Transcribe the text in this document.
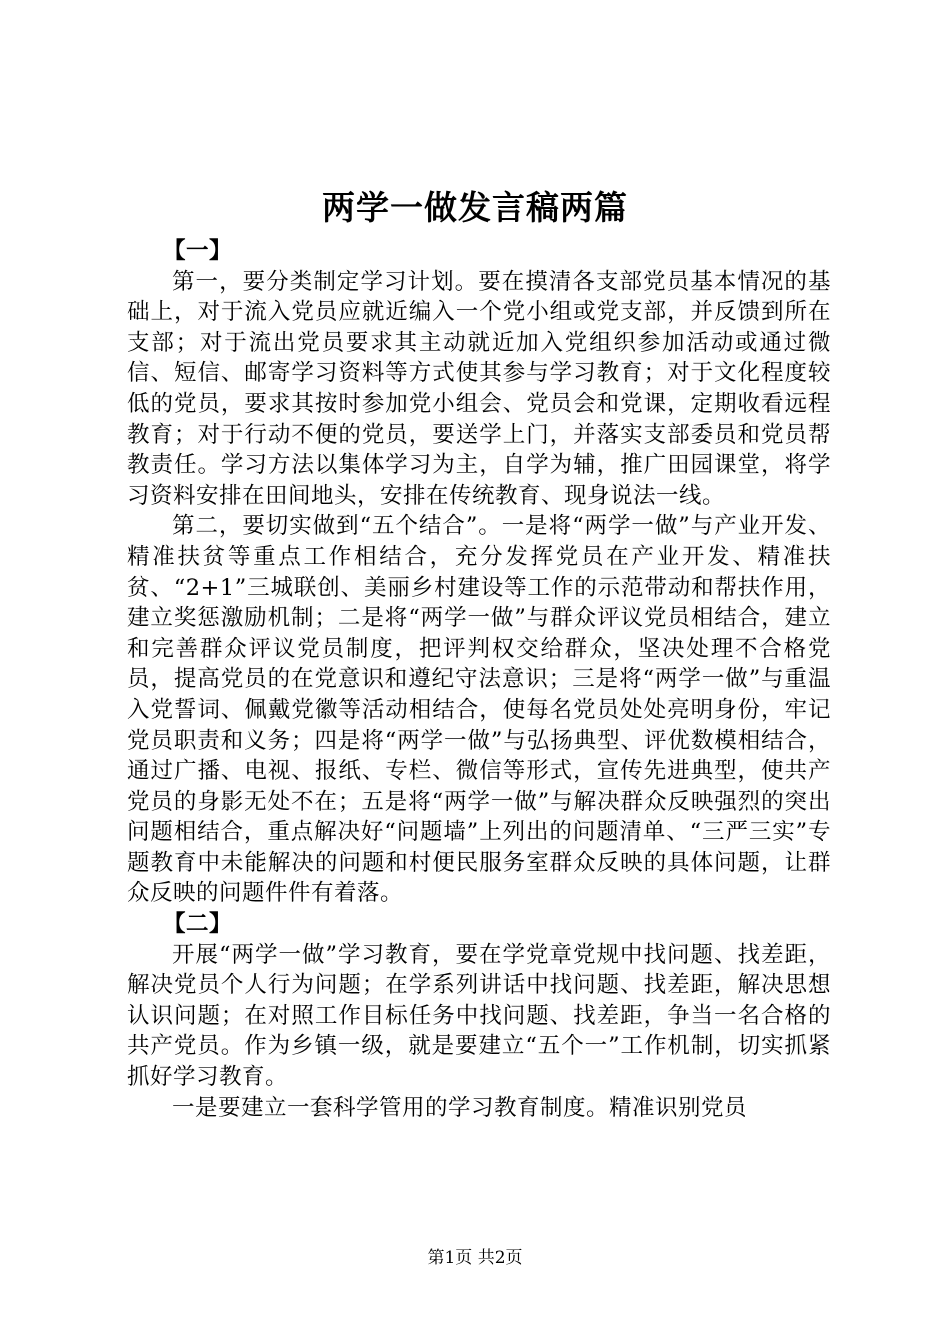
两学一做发言稿两篇

【一】

第一，要分类制定学习计划。要在摸清各支部党员基本情况的基础上，对于流入党员应就近编入一个党小组或党支部，并反馈到所在支部；对于流出党员要求其主动就近加入党组织参加活动或通过微信、短信、邮寄学习资料等方式使其参与学习教育；对于文化程度较低的党员，要求其按时参加党小组会、党员会和党课，定期收看远程教育；对于行动不便的党员，要送学上门，并落实支部委员和党员帮教责任。学习方法以集体学习为主，自学为辅，推广田园课堂，将学习资料安排在田间地头，安排在传统教育、现身说法一线。

第二，要切实做到“五个结合”。一是将“两学一做”与产业开发、精准扶贫等重点工作相结合，充分发挥党员在产业开发、精准扶贫、“2+1”三城联创、美丽乡村建设等工作的示范带动和帮扶作用，建立奖惩激励机制；二是将“两学一做”与群众评议党员相结合，建立和完善群众评议党员制度，把评判权交给群众，坚决处理不合格党员，提高党员的在党意识和遵纪守法意识；三是将“两学一做”与重温入党誓词、佩戴党徽等活动相结合，使每名党员处处亮明身份，牢记党员职责和义务；四是将“两学一做”与弘扬典型、评优数模相结合，通过广播、电视、报纸、专栏、微信等形式，宣传先进典型，使共产党员的身影无处不在；五是将“两学一做”与解决群众反映强烈的突出问题相结合，重点解决好“问题墙”上列出的问题清单、“三严三实”专题教育中未能解决的问题和村便民服务室群众反映的具体问题，让群众反映的问题件件有着落。

【二】

开展“两学一做”学习教育，要在学党章党规中找问题、找差距，解决党员个人行为问题；在学系列讲话中找问题、找差距，解决思想认识问题；在对照工作目标任务中找问题、找差距，争当一名合格的共产党员。作为乡镇一级，就是要建立“五个一”工作机制，切实抓紧抓好学习教育。

一是要建立一套科学管用的学习教育制度。精准识别党员

第1页 共2页
